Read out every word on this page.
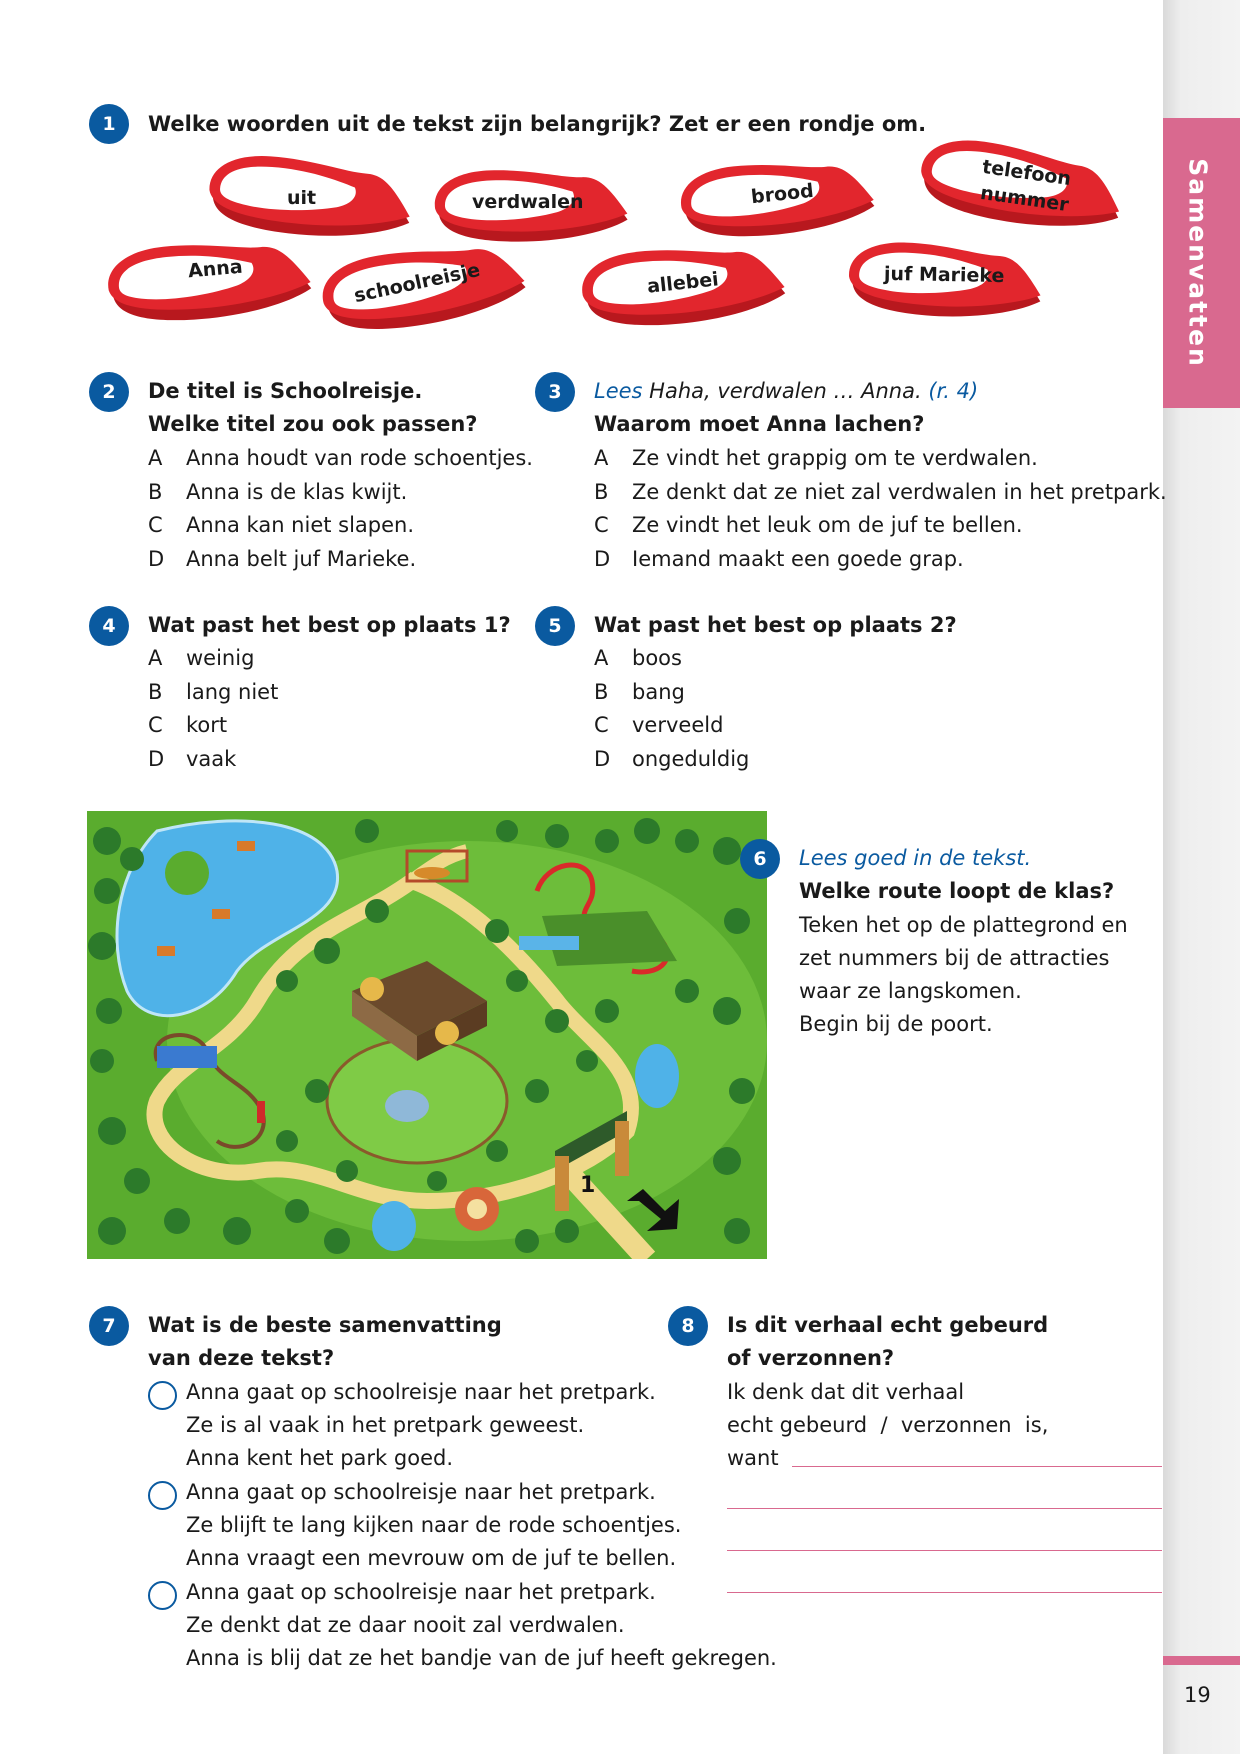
Samenvatten
19
1	Welke woorden uit de tekst zijn belangrijk? Zet er een rondje om.
uit	verdwalen	brood
telefoon
nummer
Anna	schoolreisje	allebei	juf Marieke
2	De titel is Schoolreisje.
Welke titel zou ook passen?
A Anna houdt van rode schoentjes.
B Anna is de klas kwijt.
C Anna kan niet slapen.
D Anna belt juf Marieke.
3	Lees Haha, verdwalen … Anna. (r. 4)
Waarom moet Anna lachen?
A Ze vindt het grappig om te verdwalen.
B Ze denkt dat ze niet zal verdwalen in het pretpark.
C Ze vindt het leuk om de juf te bellen.
D Iemand maakt een goede grap.
4	Wat past het best op plaats 1?
A weinig
B lang niet
C kort
D vaak
5	Wat past het best op plaats 2?
A boos
B bang
C verveeld
D ongeduldig
1
6	Lees goed in de tekst.
Welke route loopt de klas?
Teken het op de plattegrond en
zet nummers bij de attracties
waar ze langskomen.
Begin bij de poort.
7	Wat is de beste samenvatting
van deze tekst?
Anna gaat op schoolreisje naar het pretpark.
Ze is al vaak in het pretpark geweest.
Anna kent het park goed.
Anna gaat op schoolreisje naar het pretpark.
Ze blijft te lang kijken naar de rode schoentjes.
Anna vraagt een mevrouw om de juf te bellen.
Anna gaat op schoolreisje naar het pretpark.
Ze denkt dat ze daar nooit zal verdwalen.
Anna is blij dat ze het bandje van de juf heeft gekregen.
8	Is dit verhaal echt gebeurd
of verzonnen?
Ik denk dat dit verhaal
echt gebeurd  /  verzonnen  is,
want
